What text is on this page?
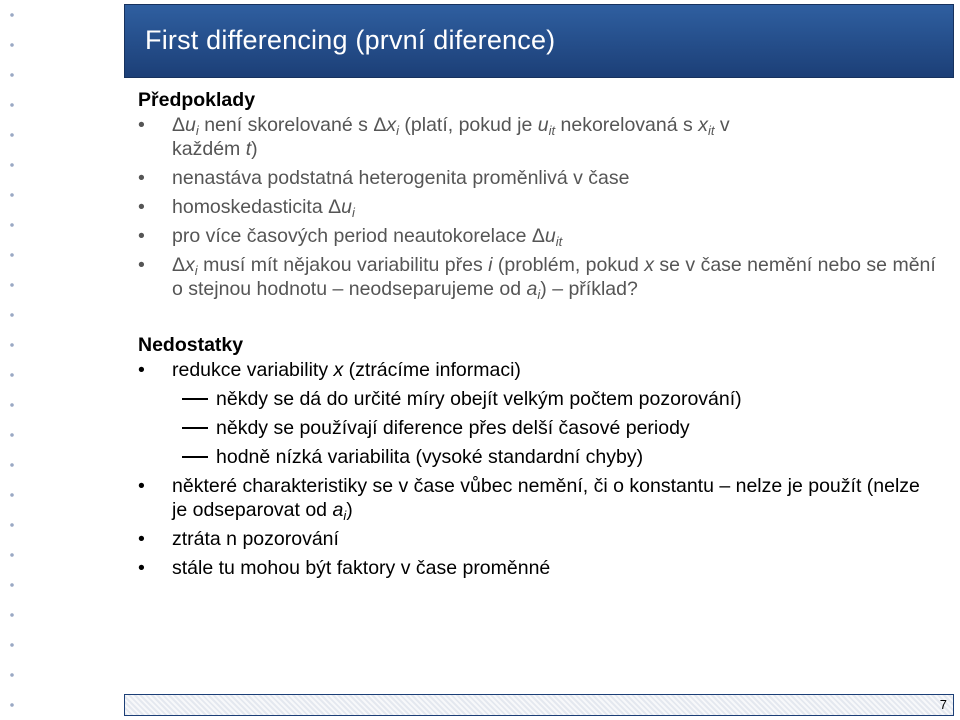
First differencing (první diference)

Předpoklady

• $\Delta u_i$ není skorelované s $\Delta x_i$ (platí, pokud je $u_{it}$ nekorelovaná s $x_{it}$ v
každém t)
• nenastáva podstatná heterogenita proměnlivá v čase
• homoskedasticita $\Delta u_i$
• pro více časových period neautokorelace $\Delta u_{it}$
• $\Delta x_i$ musí mít nějakou variabilitu přes i (problém, pokud x se v čase nemění nebo se mění o stejnou hodnotu – neodseparujeme od $a_i$) – příklad?

Nedostatky

• redukce variability x (ztrácíme informaci)
někdy se dá do určité míry obejít velkým počtem pozorování)
někdy se používají diference přes delší časové periody
hodně nízká variabilita (vysoké standardní chyby)
• některé charakteristiky se v čase vůbec nemění, či o konstantu – nelze je použít (nelze je odseparovat od $a_i$)
• ztráta n pozorování
• stále tu mohou být faktory v čase proměnné
7
